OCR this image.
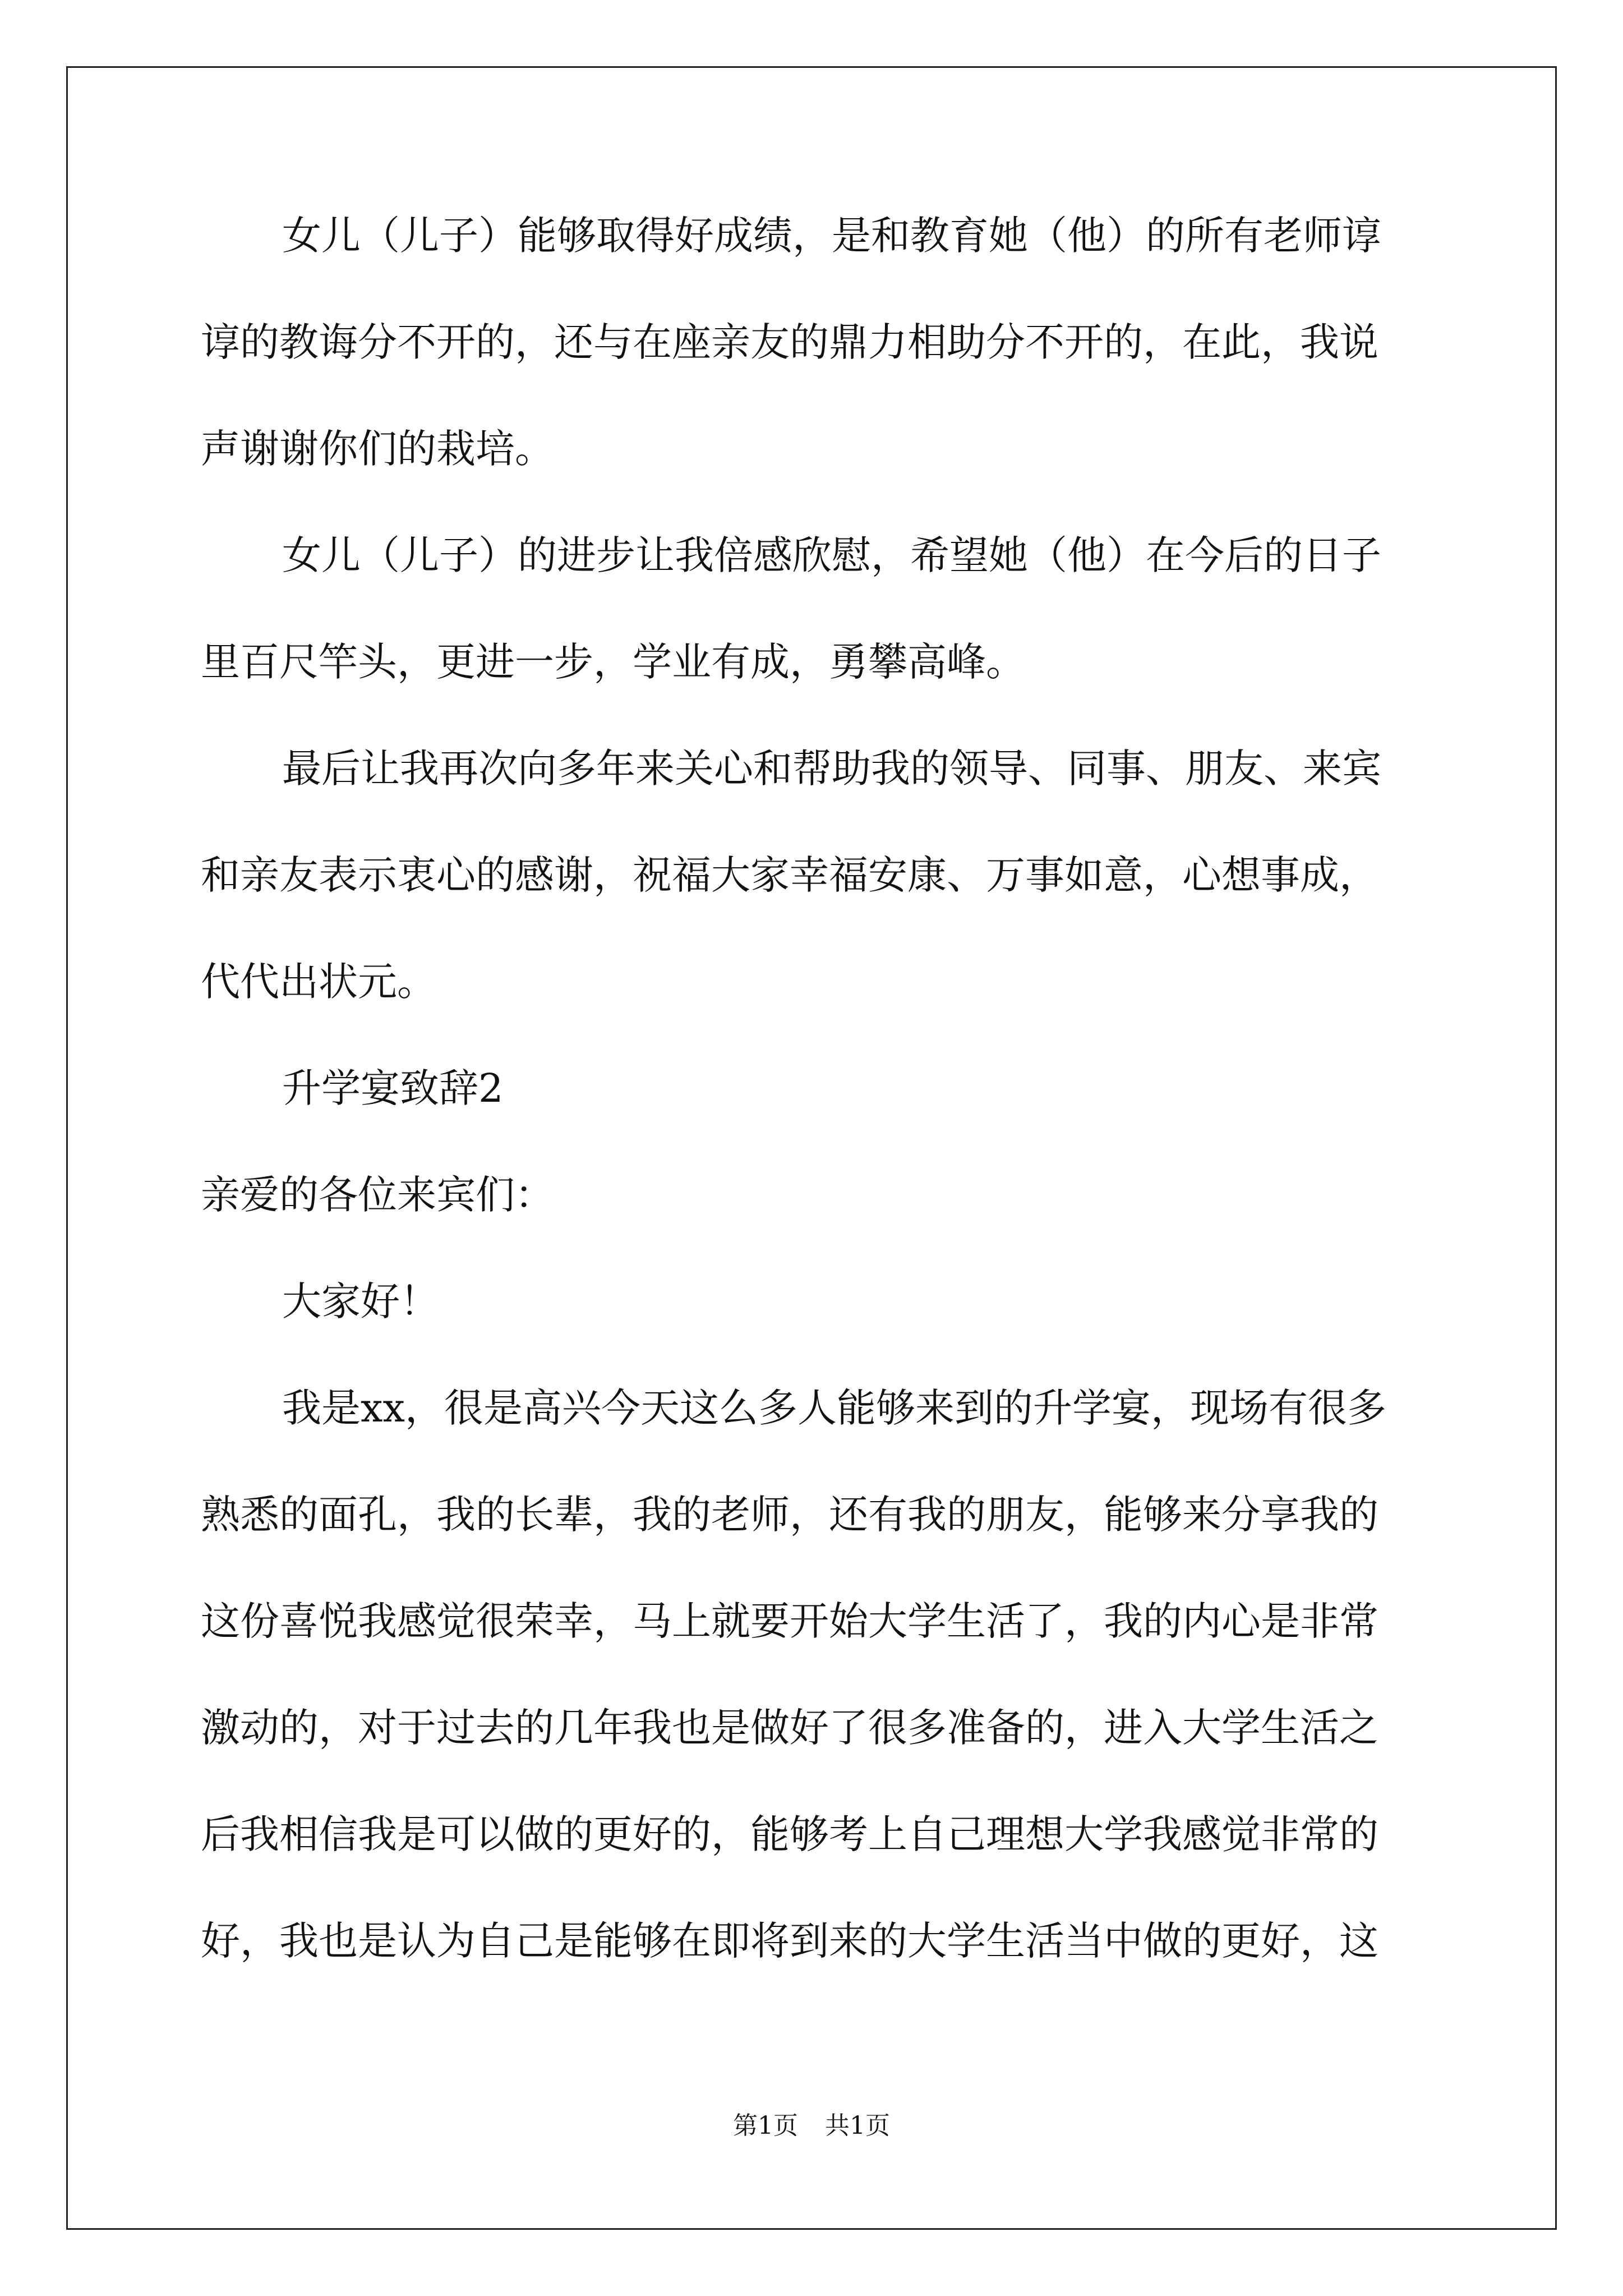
女儿（儿子）能够取得好成绩，是和教育她（他）的所有老师谆
谆的教诲分不开的，还与在座亲友的鼎力相助分不开的，在此，我说
声谢谢你们的栽培。
女儿（儿子）的进步让我倍感欣慰，希望她（他）在今后的日子
里百尺竿头，更进一步，学业有成，勇攀高峰。
最后让我再次向多年来关心和帮助我的领导、同事、朋友、来宾
和亲友表示衷心的感谢，祝福大家幸福安康、万事如意，心想事成，
代代出状元。
升学宴致辞2
亲爱的各位来宾们：
大家好！
我是xx，很是高兴今天这么多人能够来到的升学宴，现场有很多
熟悉的面孔，我的长辈，我的老师，还有我的朋友，能够来分享我的
这份喜悦我感觉很荣幸，马上就要开始大学生活了，我的内心是非常
激动的，对于过去的几年我也是做好了很多准备的，进入大学生活之
后我相信我是可以做的更好的，能够考上自己理想大学我感觉非常的
好，我也是认为自己是能够在即将到来的大学生活当中做的更好，这
第1页 共1页
